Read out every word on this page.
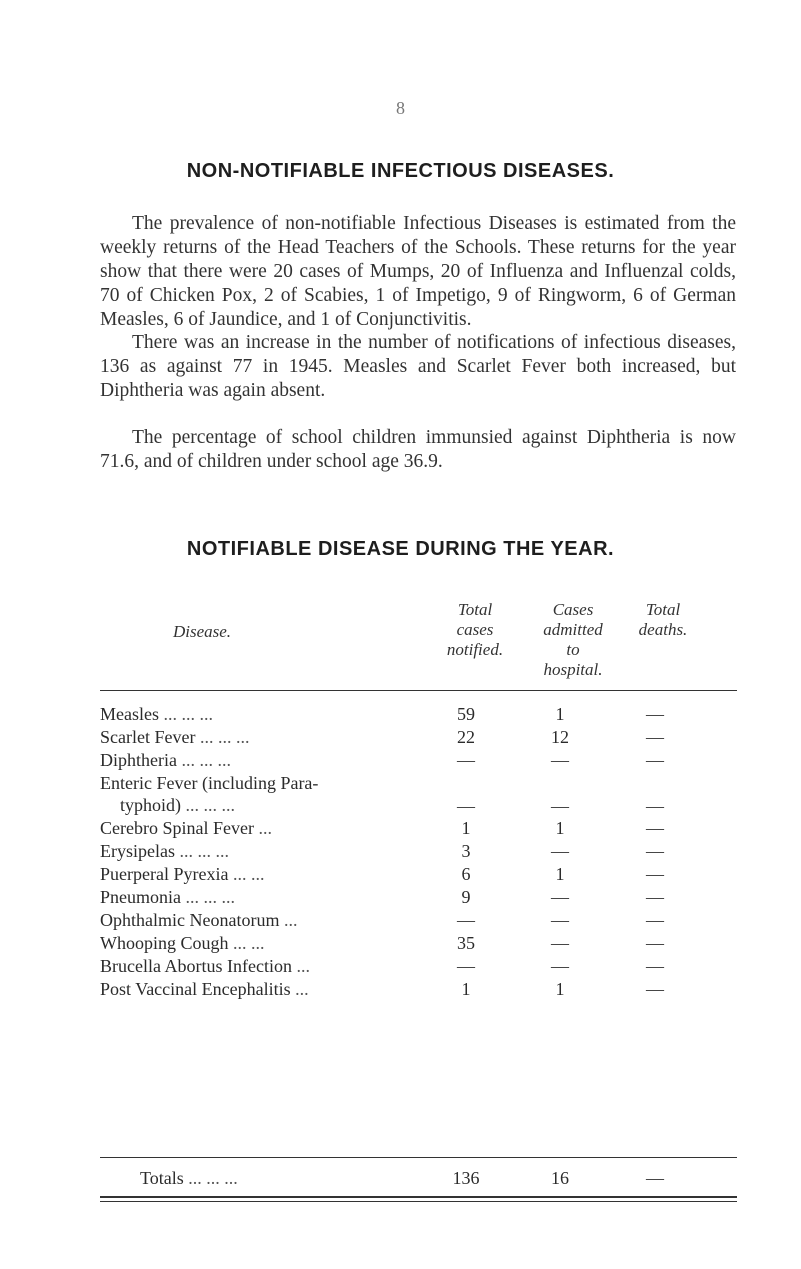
8
NON-NOTIFIABLE INFECTIOUS DISEASES.

The prevalence of non-notifiable Infectious Diseases is estimated from the weekly returns of the Head Teachers of the Schools. These returns for the year show that there were 20 cases of Mumps, 20 of Influenza and Influenzal colds, 70 of Chicken Pox, 2 of Scabies, 1 of Impetigo, 9 of Ringworm, 6 of German Measles, 6 of Jaundice, and 1 of Conjunctivitis.

There was an increase in the number of notifications of infectious diseases, 136 as against 77 in 1945. Measles and Scarlet Fever both increased, but Diphtheria was again absent.

The percentage of school children immunsied against Diphtheria is now 71.6, and of children under school age 36.9.

NOTIFIABLE DISEASE DURING THE YEAR.
Disease.
Total
cases
notified.
Cases
admitted
to
hospital.
Total
deaths.
Measles ... ... ...	59	1	—
Scarlet Fever ... ... ...	22	12	—
Diphtheria ... ... ...	—	—	—
Enteric Fever (including Para-
typhoid) ... ... ...	—	—	—
Cerebro Spinal Fever ...	1	1	—
Erysipelas ... ... ...	3	—	—
Puerperal Pyrexia ... ...	6	1	—
Pneumonia ... ... ...	9	—	—
Ophthalmic Neonatorum ...	—	—	—
Whooping Cough ... ...	35	—	—
Brucella Abortus Infection ...	—	—	—
Post Vaccinal Encephalitis ...	1	1	—
Totals ... ... ...	136	16	—
